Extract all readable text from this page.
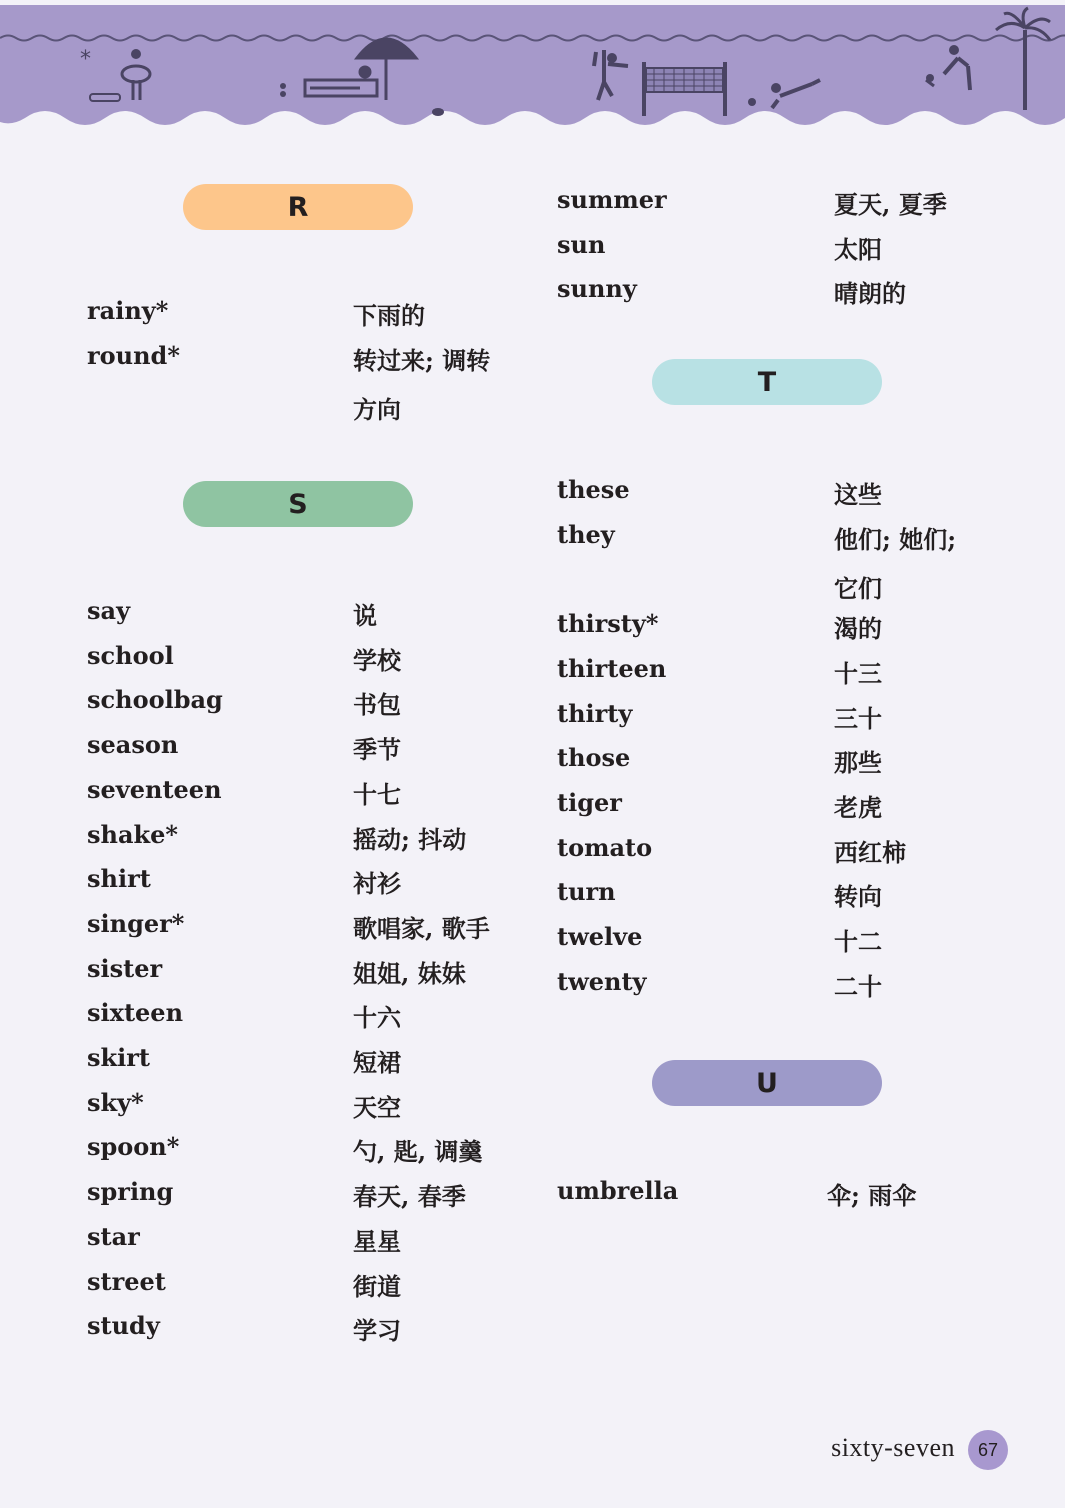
*
R
S
T
U
rainy*	下雨的
round*	转过来; 调转
方向
say	说
school	学校
schoolbag	书包
season	季节
seventeen	十七
shake*	摇动; 抖动
shirt	衬衫
singer*	歌唱家, 歌手
sister	姐姐, 妹妹
sixteen	十六
skirt	短裙
sky*	天空
spoon*	勺, 匙, 调羹
spring	春天, 春季
star	星星
street	街道
study	学习
summer	夏天, 夏季
sun	太阳
sunny	晴朗的
these	这些
they	他们; 她们;
它们
thirsty*	渴的
thirteen	十三
thirty	三十
those	那些
tiger	老虎
tomato	西红柿
turn	转向
twelve	十二
twenty	二十
umbrella	伞; 雨伞
sixty-seven 67
